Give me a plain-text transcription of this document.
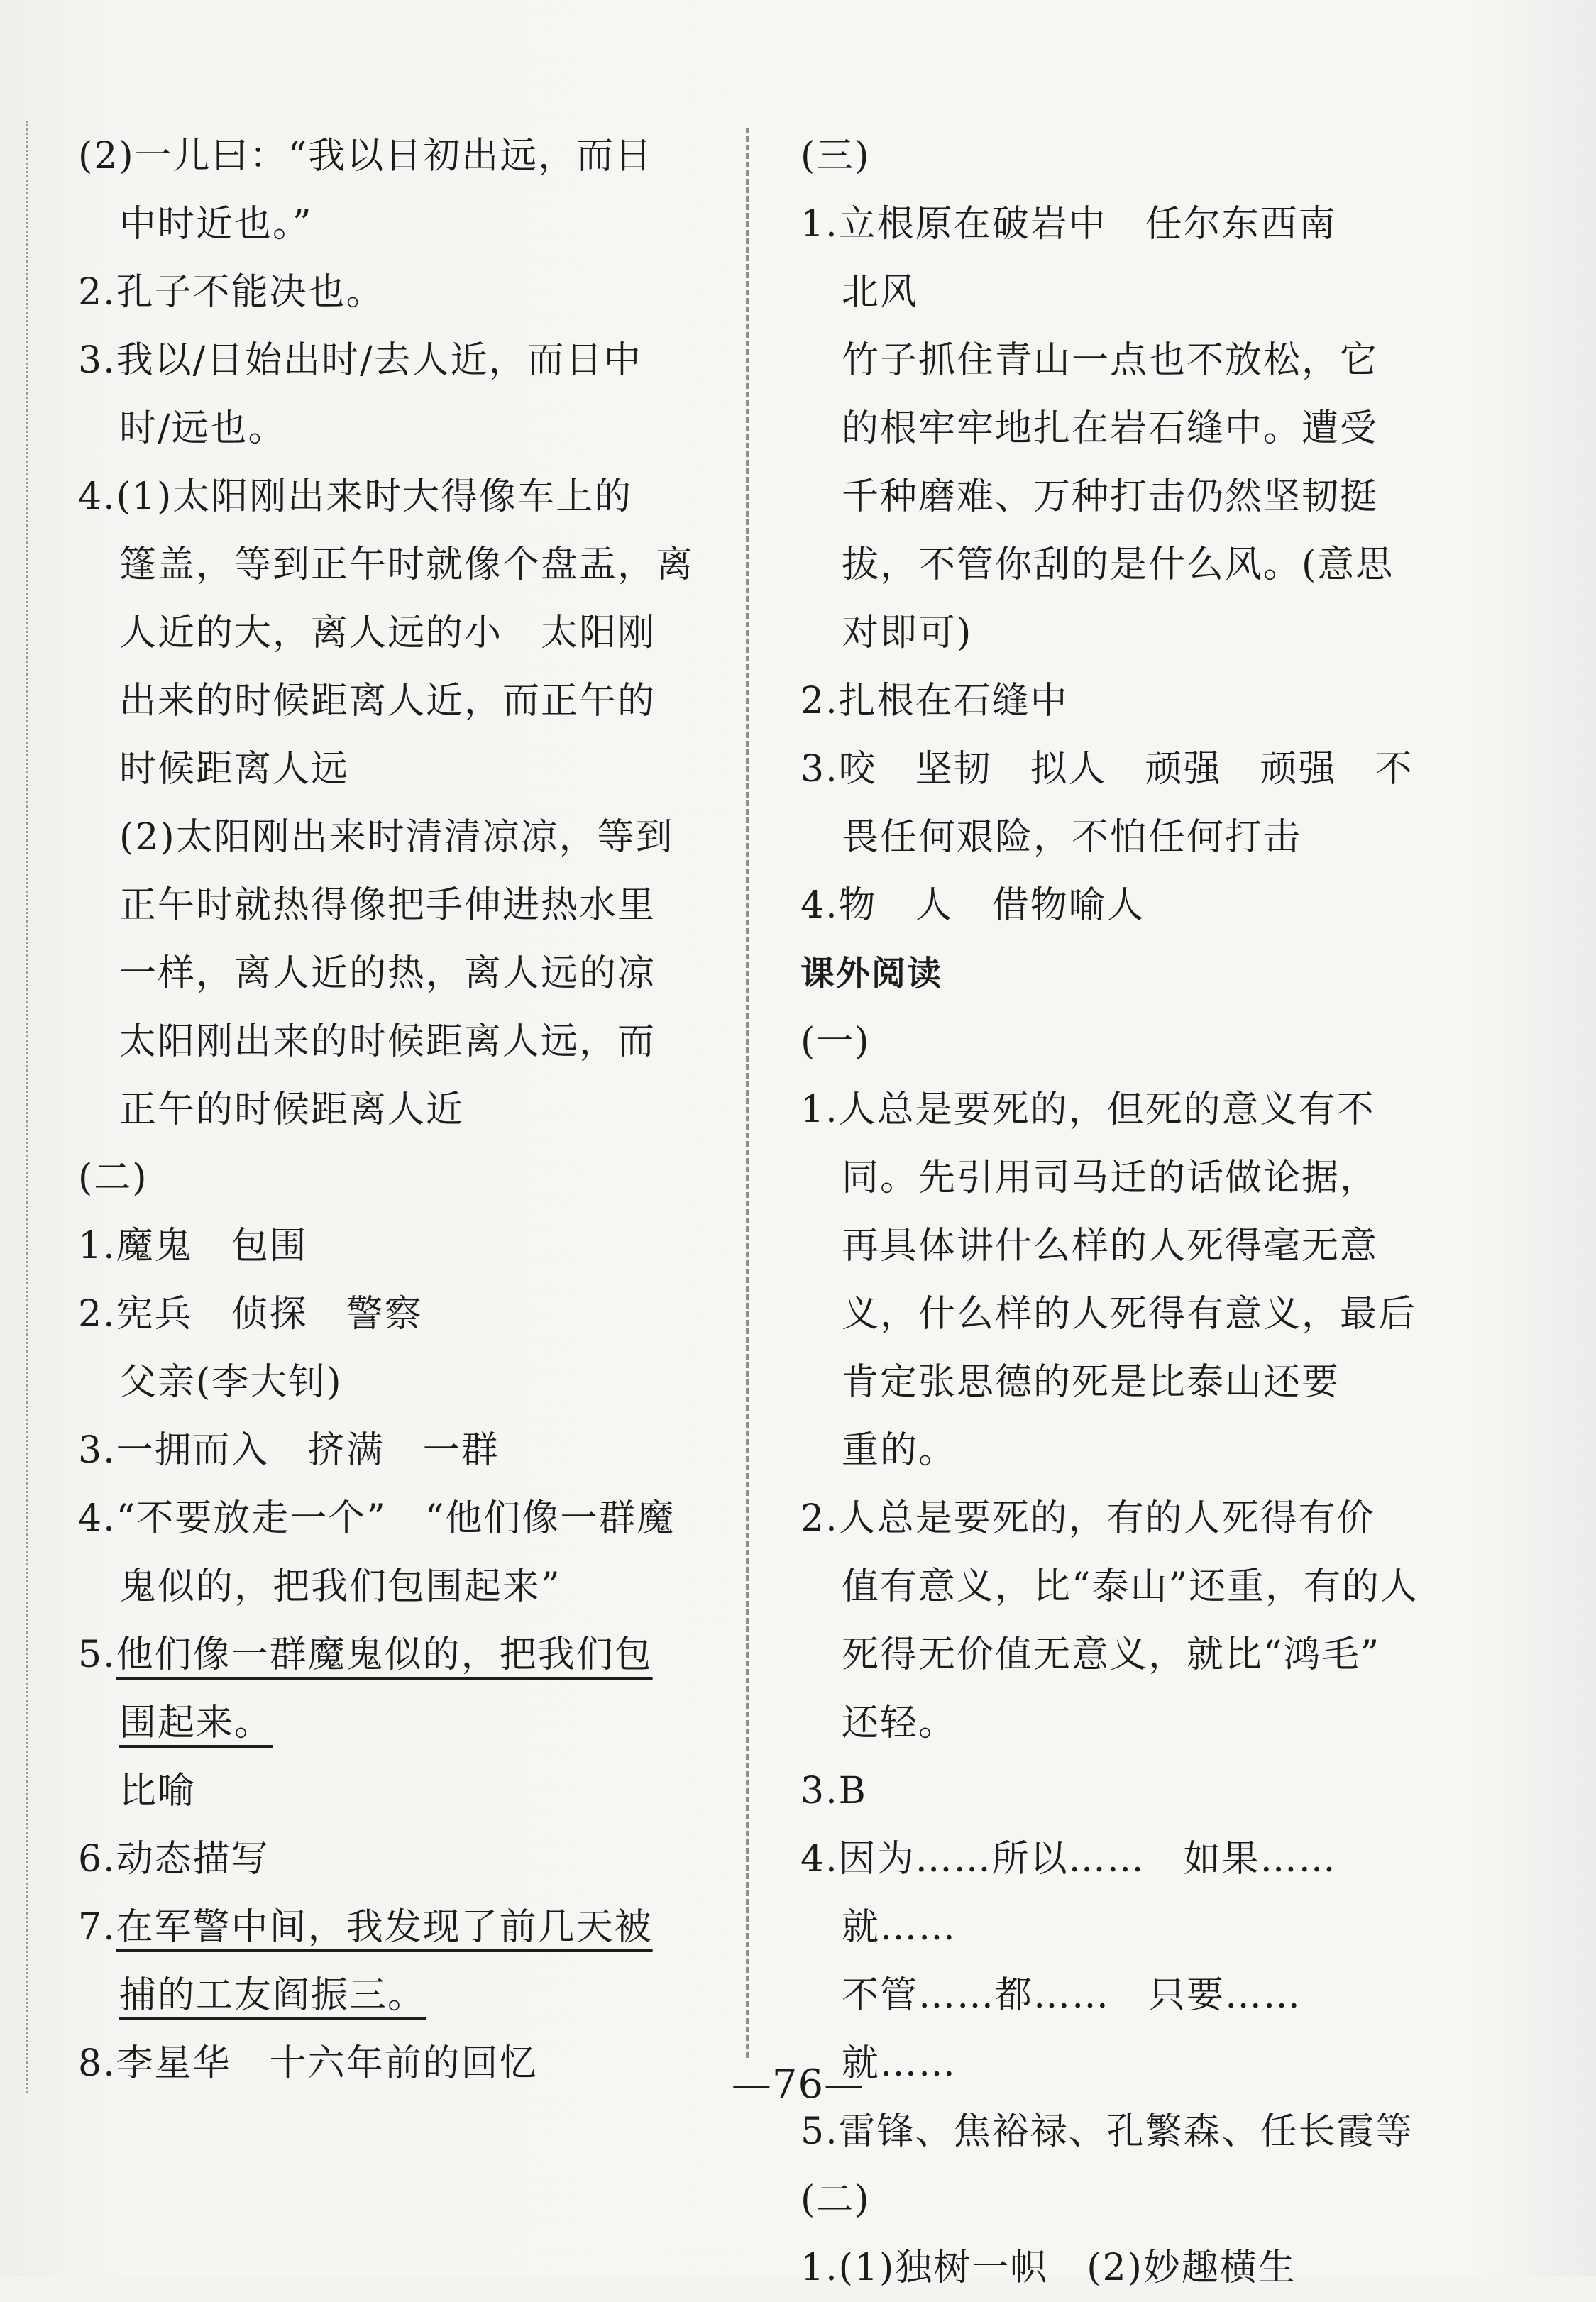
(2)一儿曰：“我以日初出远，而日
中时近也。”
2.孔子不能决也。
3.我以/日始出时/去人近，而日中
时/远也。
4.(1)太阳刚出来时大得像车上的
篷盖，等到正午时就像个盘盂，离
人近的大，离人远的小　太阳刚
出来的时候距离人近，而正午的
时候距离人远
(2)太阳刚出来时清清凉凉，等到
正午时就热得像把手伸进热水里
一样，离人近的热，离人远的凉
太阳刚出来的时候距离人远，而
正午的时候距离人近
(二)
1.魔鬼　包围
2.宪兵　侦探　警察
父亲(李大钊)
3.一拥而入　挤满　一群
4.“不要放走一个”　“他们像一群魔
鬼似的，把我们包围起来”
5.他们像一群魔鬼似的，把我们包
围起来。
比喻
6.动态描写
7.在军警中间，我发现了前几天被
捕的工友阎振三。
8.李星华　十六年前的回忆
(三)
1.立根原在破岩中　任尔东西南
北风
竹子抓住青山一点也不放松，它
的根牢牢地扎在岩石缝中。遭受
千种磨难、万种打击仍然坚韧挺
拔，不管你刮的是什么风。(意思
对即可)
2.扎根在石缝中
3.咬　坚韧　拟人　顽强　顽强　不
畏任何艰险，不怕任何打击
4.物　人　借物喻人
课外阅读
(一)
1.人总是要死的，但死的意义有不
同。先引用司马迁的话做论据，
再具体讲什么样的人死得毫无意
义，什么样的人死得有意义，最后
肯定张思德的死是比泰山还要
重的。
2.人总是要死的，有的人死得有价
值有意义，比“泰山”还重，有的人
死得无价值无意义，就比“鸿毛”
还轻。
3.B
4.因为……所以……　如果……
就……
不管……都……　只要……
就……
5.雷锋、焦裕禄、孔繁森、任长霞等
(二)
1.(1)独树一帜　(2)妙趣横生
—76—
